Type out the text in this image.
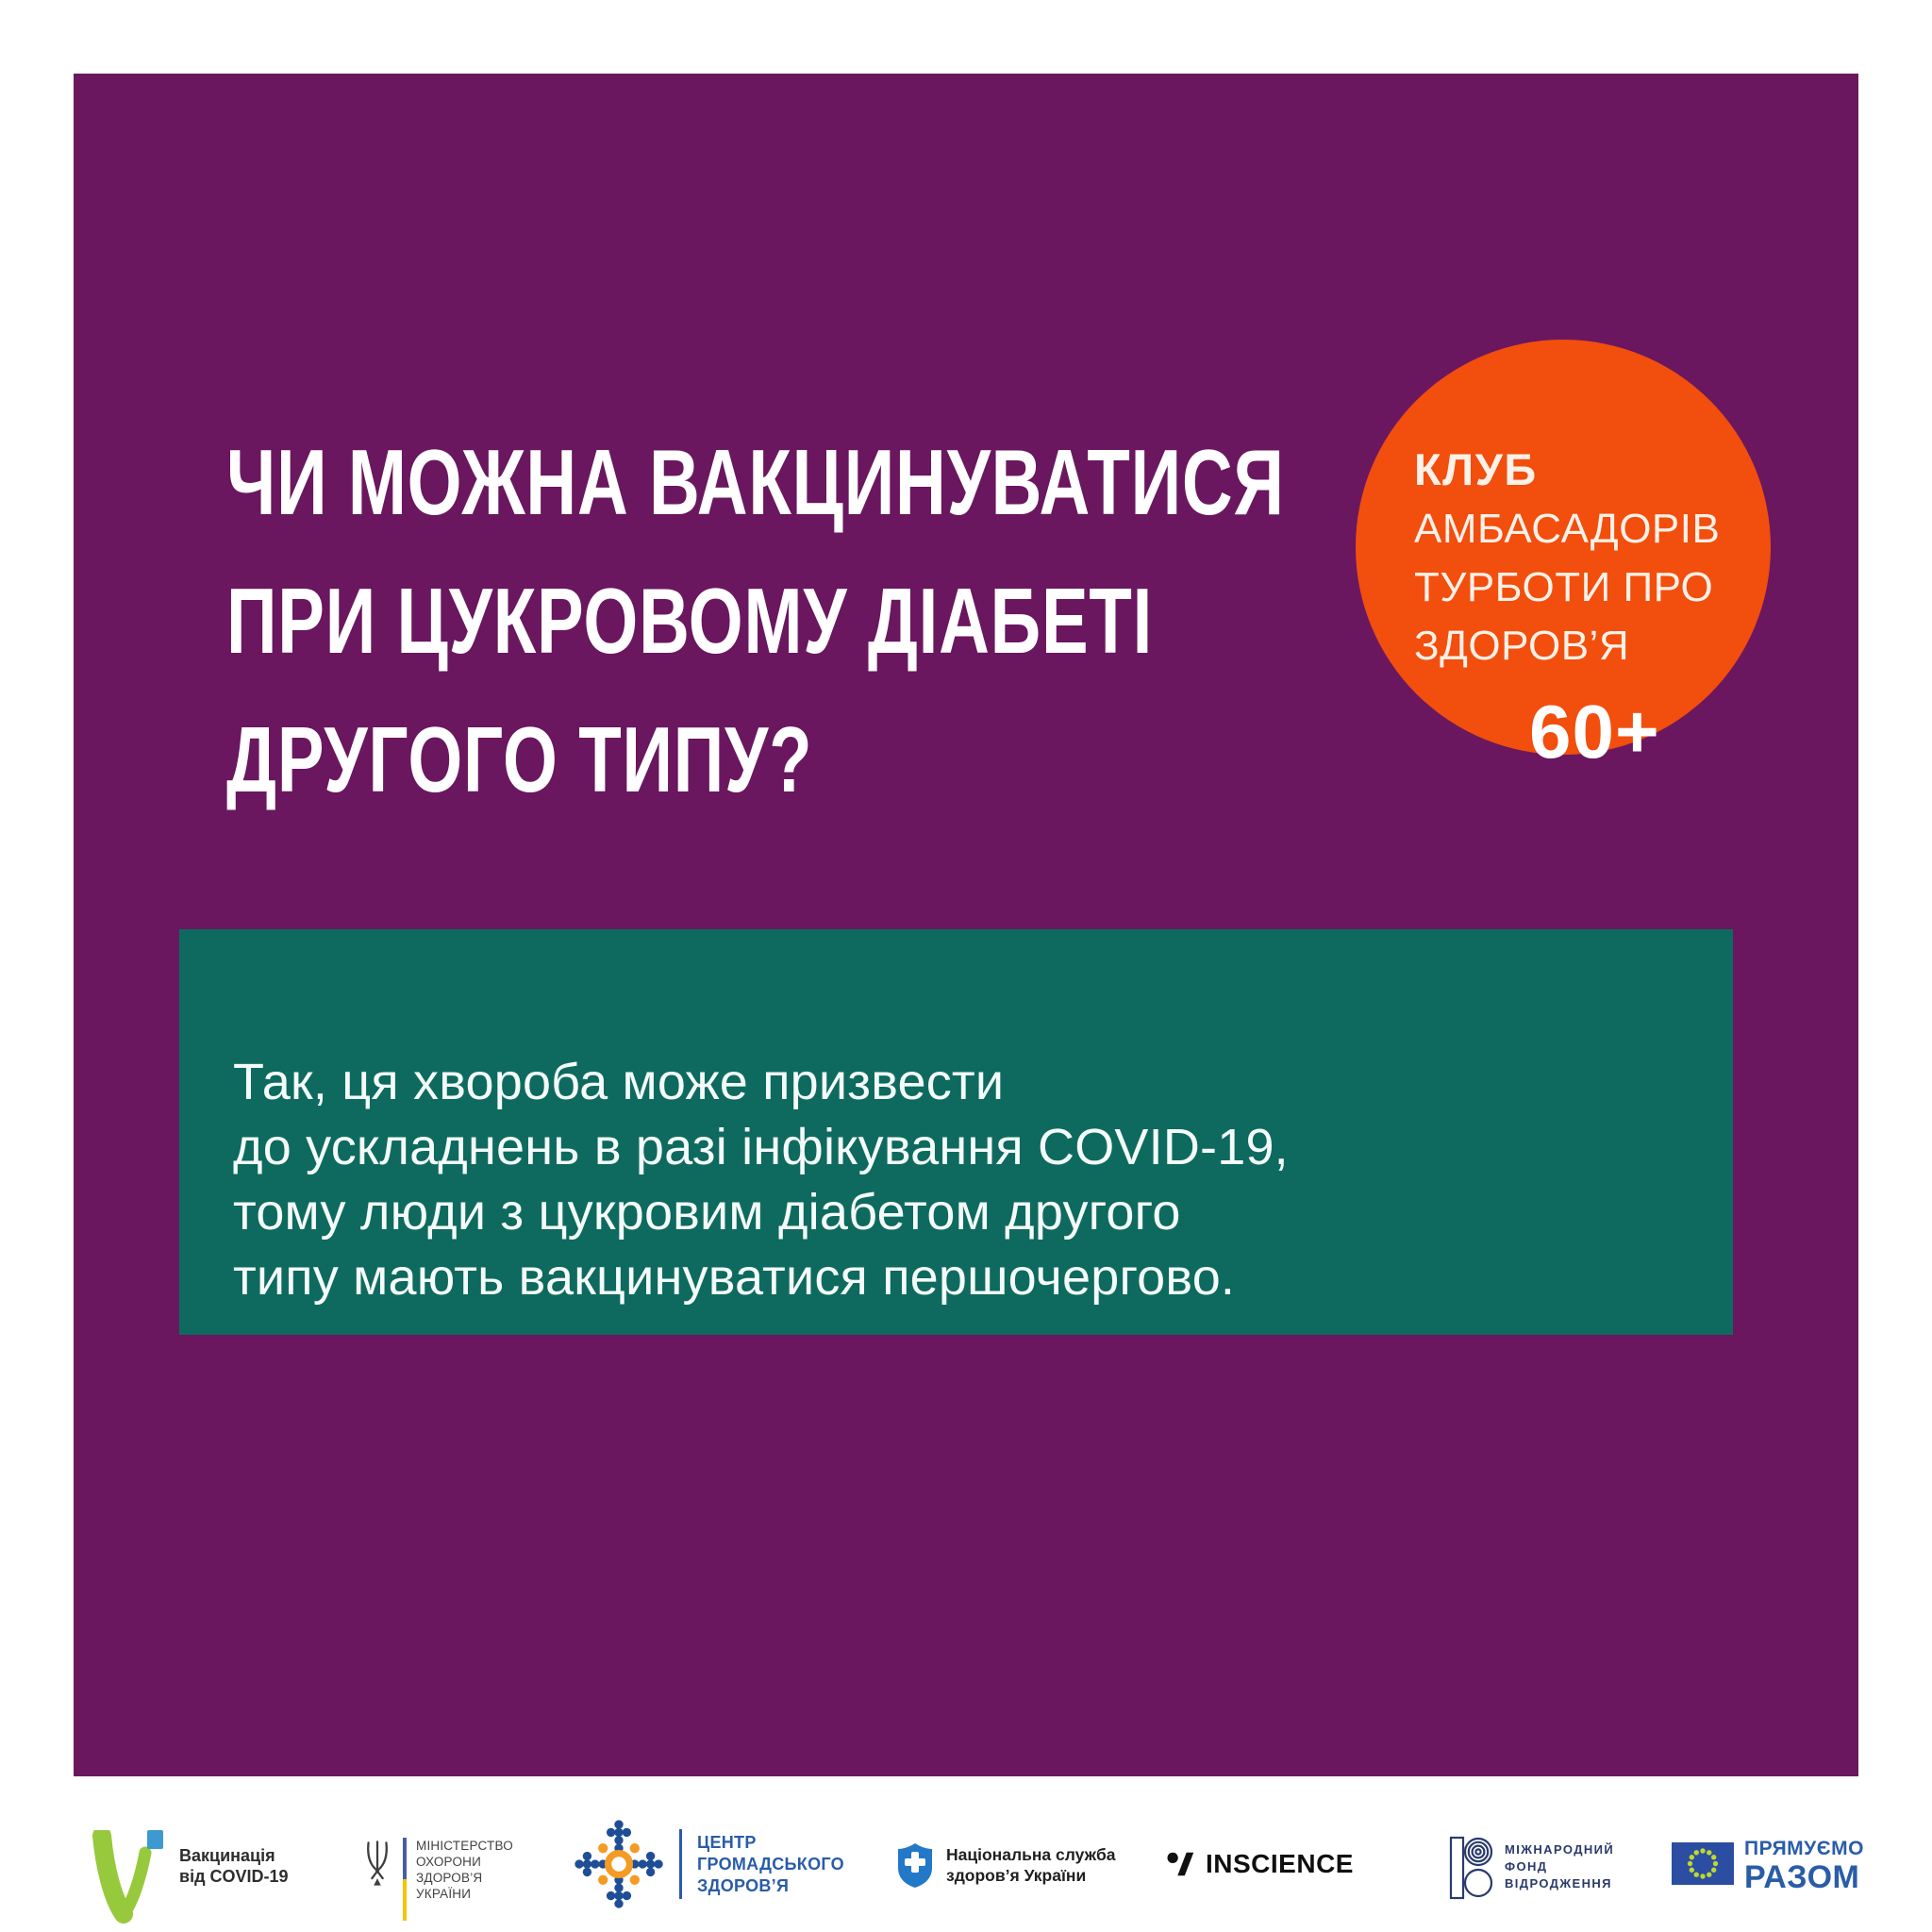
ЧИ МОЖНА ВАКЦИНУВАТИСЯ
ПРИ ЦУКРОВОМУ ДІАБЕТІ
ДРУГОГО ТИПУ?
КЛУБ
АМБАСАДОРІВ
ТУРБОТИ ПРО
ЗДОРОВ’Я
60+
Так, ця хвороба може призвести
до ускладнень в разі інфікування COVID-19,
тому люди з цукровим діабетом другого
типу мають вакцинуватися першочергово.
Вакцинація
від COVID-19
МІНІСТЕРСТВО
ОХОРОНИ
ЗДОРОВ’Я
УКРАЇНИ
ЦЕНТР
ГРОМАДСЬКОГО
ЗДОРОВ’Я
Національна служба
здоров’я України	INSCIENCE	МІЖНАРОДНИЙ
ФОНД
ВІДРОДЖЕННЯ
ПРЯМУЄМО
РАЗОМ
